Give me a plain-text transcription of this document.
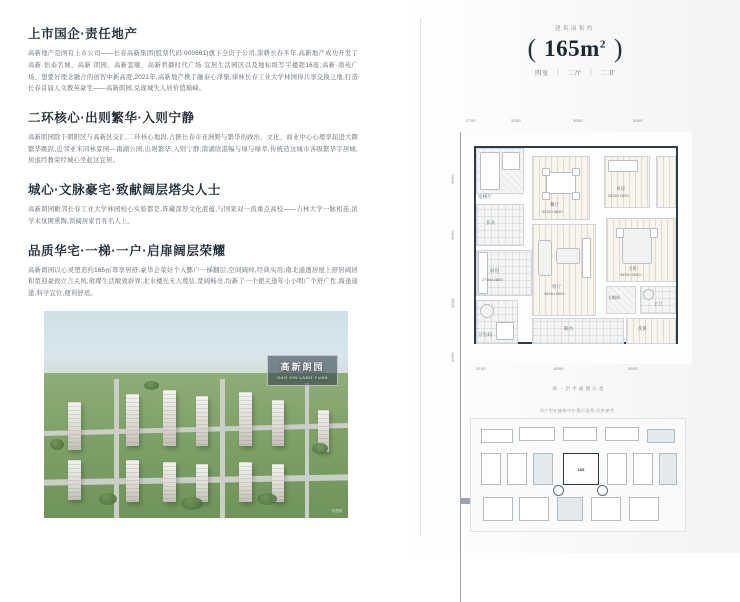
上市国企·责任地产
高新地产是国有上市公司——长春高新集团(股票代码:000661)旗下全资子公司,深耕长春多年,高新地产成功开发了高新·怡泰名城、高新·朗园、高新雲颐、高新君御时代广场·宜居生活园区以及地标级写字楼超16座;高新·南苑广场、想要好理念融合的创智中新高度,2021年,高新地产携手融泰心泽集,律林长春工业大学林园得共享交换之地,打造长春首届人文教英豪宅——高新朗园,兑现城失人居价值巅峰。
二环核心·出则繁华·入则宁静
高新朗园除于朝阳区与高新区交汇,二环核心地段,占据长春市亚洲野与繁华的政治、文化、商业中心心理享届进大圈繁华跳跃,近邻亚米同林景园—南湖公园,出则繁华,入则宁静;南湖欣湛幅与绿与绿萃,传统造这城市各级繁华宇居城,居虑经教荣经城心坐起这宜居。
城心·文脉豪宅·致献阔层塔尖人士
高新朗园毗邻长春工业大学林园校心实验都是,阵藏深厚文化底蕴,与国家双一流重点高校——吉林大学一脉相连,浓学术氛围熏陶,领阔居家百育名人上。
品质华宅·一梯·一户·启扉阔层荣耀
高新朗园以心灵塑造约165㎡尊享居舒,豪华会荣好个入酆户一梯翻层,空间阔绰,经典实用;南北通透居屋上舒居阔居和宽迎豪致立言关风,璀璨生活敞致辟界;北水楼光无人蔑弦,宽阔畅亮,均新了一个使关逢年小小明广个舒广性,海逢通逢,科学宜位,便利舒适。
高新朗园
GAO XIN LANG YUAN
实景图
建筑面积约
( $165m^2$ )
四室 | 二厅 | 二卫
2700	2600	3650	3900
3900
2600
4600
2600
3100	4500	3600
电梯厅
玄关
厨房
2700×2600
卫生间
餐厅
3200×3600
客厅
4500×4600
阳台
书房
3000×3300
主卧
3600×3900
衣帽间
主卫
次卧
项 一 层 平 面 图 示 意
项户型在楼栋中位置示意图,仅供参考
165
